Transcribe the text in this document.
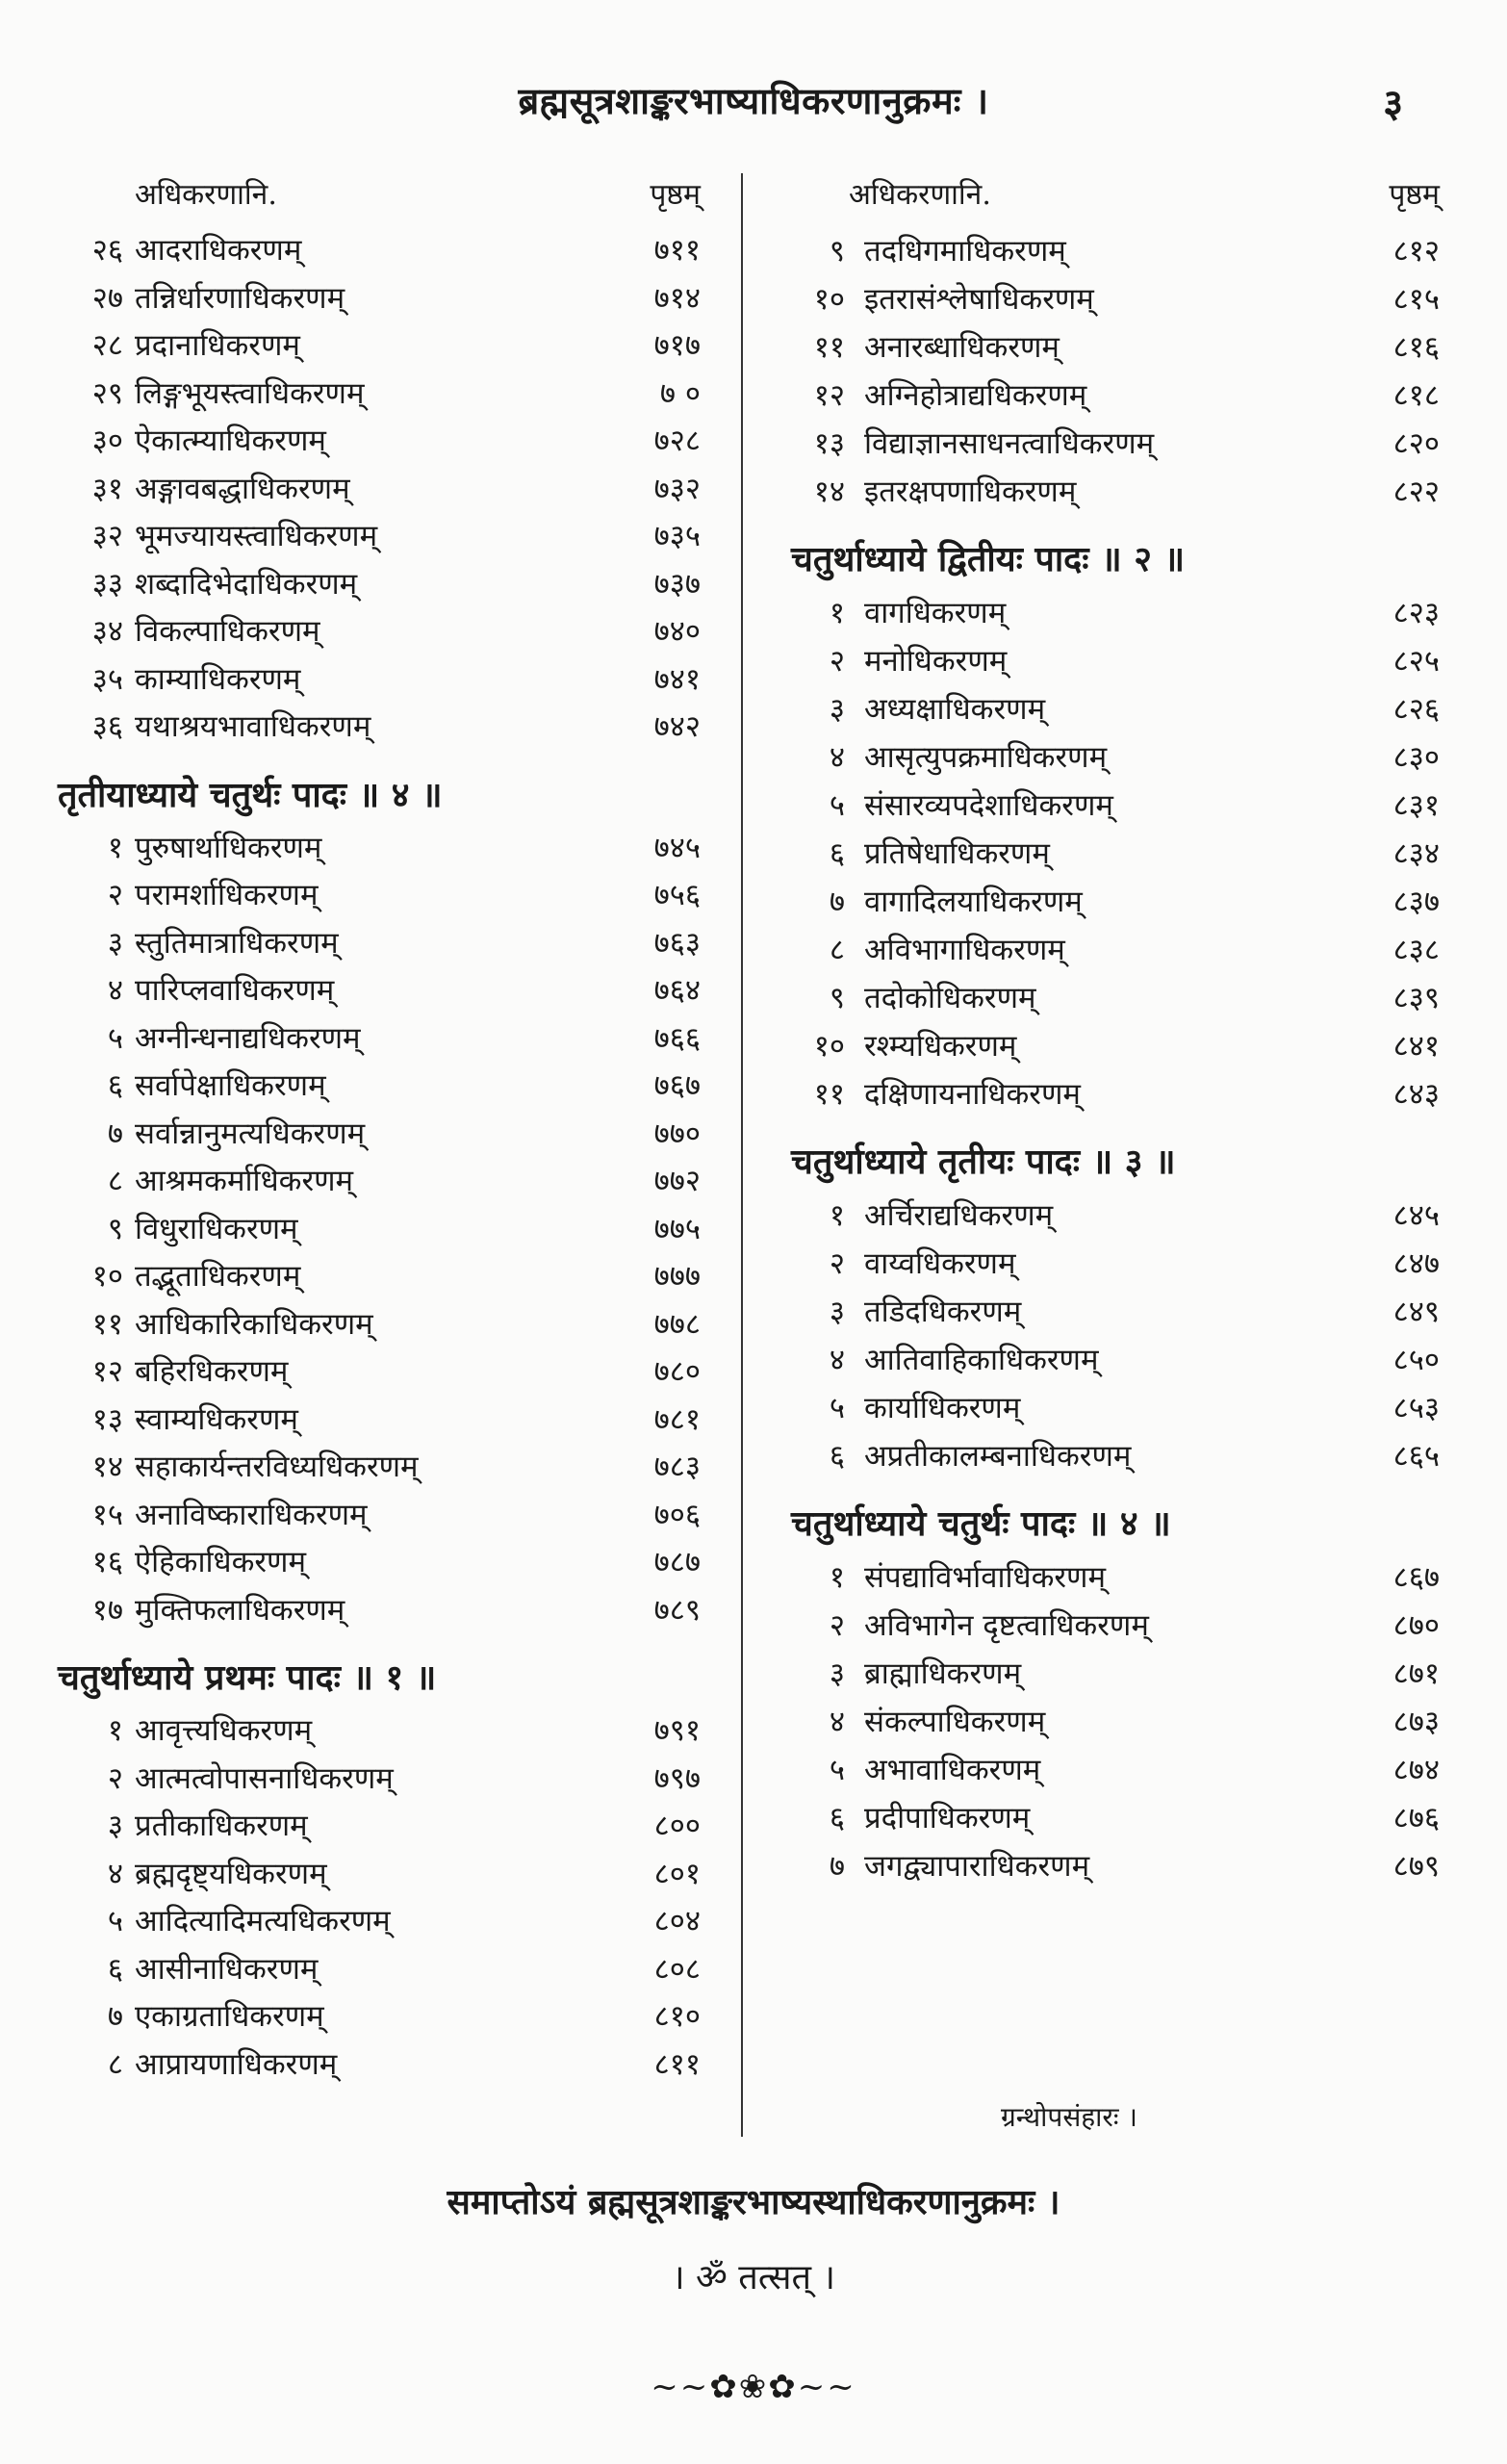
ब्रह्मसूत्रशाङ्करभाष्याधिकरणानुक्रमः ।	३
अधिकरणानि.	पृष्ठम्
२६ आदराधिकरणम्	७११
२७ तन्निर्धारणाधिकरणम्	७१४
२८ प्रदानाधिकरणम्	७१७
२९ लिङ्गभूयस्त्वाधिकरणम्	७ ०
३० ऐकात्म्याधिकरणम्	७२८
३१ अङ्गावबद्धाधिकरणम्	७३२
३२ भूमज्यायस्त्वाधिकरणम्	७३५
३३ शब्दादिभेदाधिकरणम्	७३७
३४ विकल्पाधिकरणम्	७४०
३५ काम्याधिकरणम्	७४१
३६ यथाश्रयभावाधिकरणम्	७४२
तृतीयाध्याये चतुर्थः पादः ॥ ४ ॥
१ पुरुषार्थाधिकरणम्	७४५
२ परामर्शाधिकरणम्	७५६
३ स्तुतिमात्राधिकरणम्	७६३
४ पारिप्लवाधिकरणम्	७६४
५ अग्नीन्धनाद्यधिकरणम्	७६६
६ सर्वापेक्षाधिकरणम्	७६७
७ सर्वान्नानुमत्यधिकरणम्	७७०
८ आश्रमकर्माधिकरणम्	७७२
९ विधुराधिकरणम्	७७५
१० तद्भूताधिकरणम्	७७७
११ आधिकारिकाधिकरणम्	७७८
१२ बहिरधिकरणम्	७८०
१३ स्वाम्यधिकरणम्	७८१
१४ सहाकार्यन्तरविध्यधिकरणम्	७८३
१५ अनाविष्काराधिकरणम्	७०६
१६ ऐहिकाधिकरणम्	७८७
१७ मुक्तिफलाधिकरणम्	७८९
चतुर्थाध्याये प्रथमः पादः ॥ १ ॥
१ आवृत्त्यधिकरणम्	७९१
२ आत्मत्वोपासनाधिकरणम्	७९७
३ प्रतीकाधिकरणम्	८००
४ ब्रह्मदृष्ट्यधिकरणम्	८०१
५ आदित्यादिमत्यधिकरणम्	८०४
६ आसीनाधिकरणम्	८०८
७ एकाग्रताधिकरणम्	८१०
८ आप्रायणाधिकरणम्	८११
अधिकरणानि.	पृष्ठम्
९ तदधिगमाधिकरणम्	८१२
१० इतरासंश्लेषाधिकरणम्	८१५
११ अनारब्धाधिकरणम्	८१६
१२ अग्निहोत्राद्यधिकरणम्	८१८
१३ विद्याज्ञानसाधनत्वाधिकरणम्	८२०
१४ इतरक्षपणाधिकरणम्	८२२
चतुर्थाध्याये द्वितीयः पादः ॥ २ ॥
१ वागधिकरणम्	८२३
२ मनोधिकरणम्	८२५
३ अध्यक्षाधिकरणम्	८२६
४ आसृत्युपक्रमाधिकरणम्	८३०
५ संसारव्यपदेशाधिकरणम्	८३१
६ प्रतिषेधाधिकरणम्	८३४
७ वागादिलयाधिकरणम्	८३७
८ अविभागाधिकरणम्	८३८
९ तदोकोधिकरणम्	८३९
१० रश्म्यधिकरणम्	८४१
११ दक्षिणायनाधिकरणम्	८४३
चतुर्थाध्याये तृतीयः पादः ॥ ३ ॥
१ अर्चिराद्यधिकरणम्	८४५
२ वाय्वधिकरणम्	८४७
३ तडिदधिकरणम्	८४९
४ आतिवाहिकाधिकरणम्	८५०
५ कार्याधिकरणम्	८५३
६ अप्रतीकालम्बनाधिकरणम्	८६५
चतुर्थाध्याये चतुर्थः पादः ॥ ४ ॥
१ संपद्याविर्भावाधिकरणम्	८६७
२ अविभागेन दृष्टत्वाधिकरणम्	८७०
३ ब्राह्माधिकरणम्	८७१
४ संकल्पाधिकरणम्	८७३
५ अभावाधिकरणम्	८७४
६ प्रदीपाधिकरणम्	८७६
७ जगद्व्यापाराधिकरणम्	८७९
ग्रन्थोपसंहारः ।
समाप्तोऽयं ब्रह्मसूत्रशाङ्करभाष्यस्थाधिकरणानुक्रमः ।
। ॐ तत्सत् ।
~~✿❀✿~~
